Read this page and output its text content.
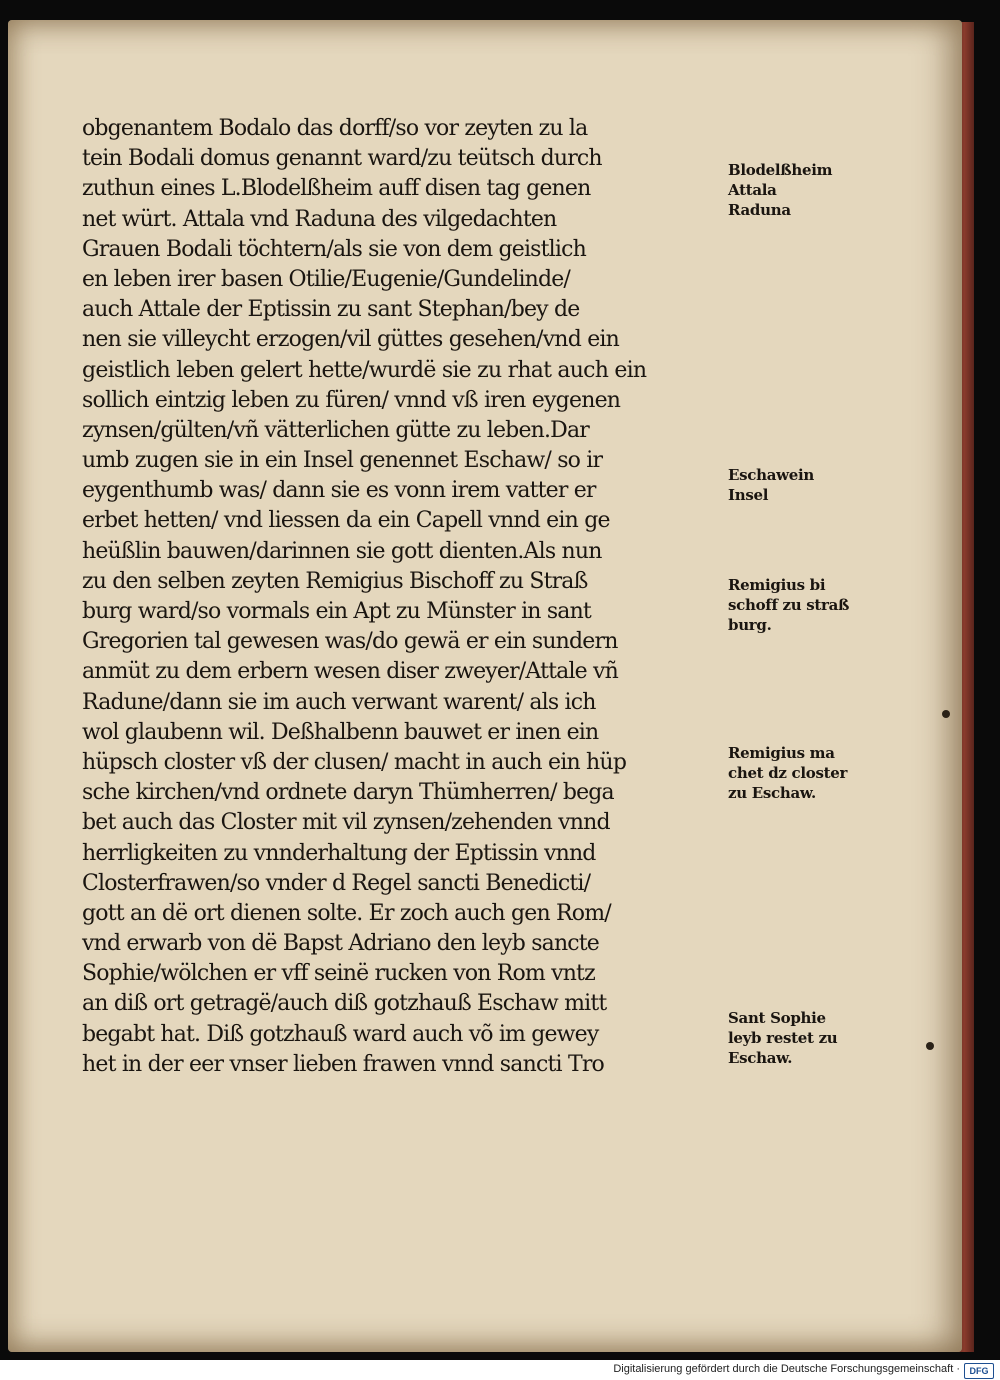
obgenantem Bodalo das dorff/so vor zeyten zu la
tein Bodali domus genannt ward/zu teütsch durch
zuthun eines L.Blodelßheim auff disen tag genen
net würt. Attala vnd Raduna des vilgedachten
Grauen Bodali töchtern/als sie von dem geistlich
en leben irer basen Otilie/Eugenie/Gundelinde/
auch Attale der Eptissin zu sant Stephan/bey de
nen sie villeycht erzogen/vil güttes gesehen/vnd ein
geistlich leben gelert hette/wurdë sie zu rhat auch ein
sollich eintzig leben zu füren/ vnnd vß iren eygenen
zynsen/gülten/vñ vätterlichen gütte zu leben.Dar
umb zugen sie in ein Insel genennet Eschaw/ so ir
eygenthumb was/ dann sie es vonn irem vatter er
erbet hetten/ vnd liessen da ein Capell vnnd ein ge
heüßlin bauwen/darinnen sie gott dienten.Als nun
zu den selben zeyten Remigius Bischoff zu Straß
burg ward/so vormals ein Apt zu Münster in sant
Gregorien tal gewesen was/do gewä er ein sundern
anmüt zu dem erbern wesen diser zweyer/Attale vñ
Radune/dann sie im auch verwant warent/ als ich
wol glaubenn wil. Deßhalbenn bauwet er inen ein
hüpsch closter vß der clusen/ macht in auch ein hüp
sche kirchen/vnd ordnete daryn Thümherren/ bega
bet auch das Closter mit vil zynsen/zehenden vnnd
herrligkeiten zu vnnderhaltung der Eptissin vnnd
Closterfrawen/so vnder d Regel sancti Benedicti/
gott an dë ort dienen solte. Er zoch auch gen Rom/
vnd erwarb von dë Bapst Adriano den leyb sancte
Sophie/wölchen er vff seinë rucken von Rom vntz
an diß ort getragë/auch diß gotzhauß Eschaw mitt
begabt hat. Diß gotzhauß ward auch võ im gewey
het in der eer vnser lieben frawen vnnd sancti Tro
Blodelßheim
Attala
Raduna
Eschawein
Insel
Remigius bi
schoff zu straß
burg.
Remigius ma
chet dz closter
zu Eschaw.
Sant Sophie
leyb restet zu
Eschaw.
Digitalisierung gefördert durch die Deutsche Forschungsgemeinschaft ·	DFG
